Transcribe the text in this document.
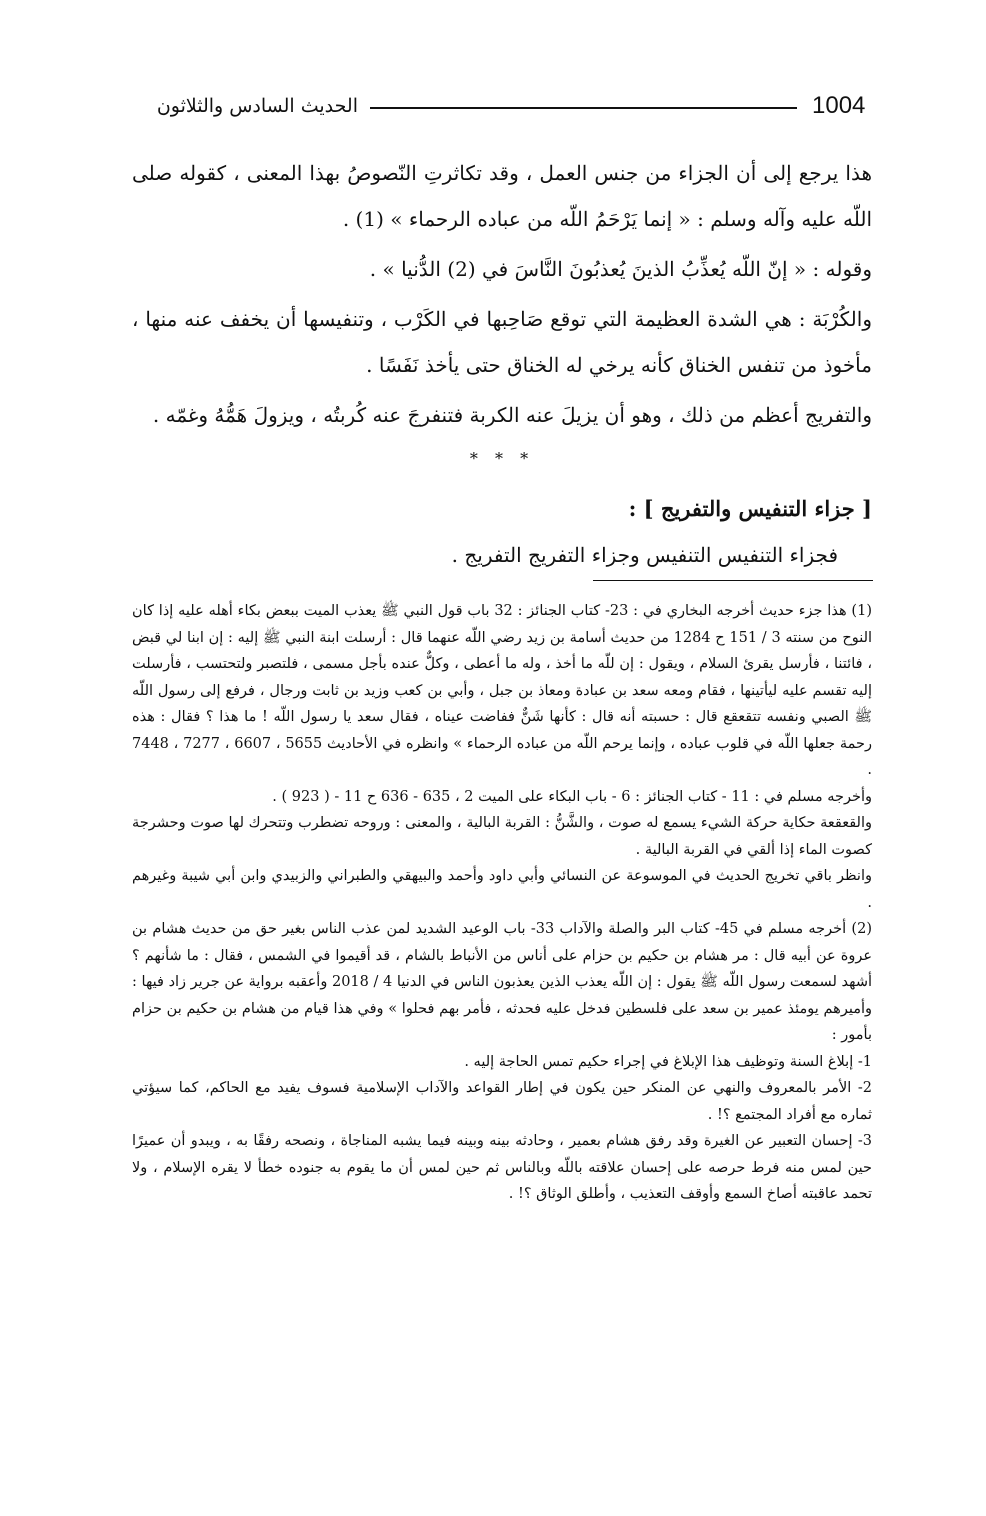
1004
الحديث السادس والثلاثون

هذا يرجع إلى أن الجزاء من جنس العمل ، وقد تكاثرتِ النّصوصُ بهذا المعنى ، كقوله صلى اللّه عليه وآله وسلم : « إنما يَرْحَمُ اللّه من عباده الرحماء » (1) .

وقوله : « إنّ اللّه يُعذِّبُ الذينَ يُعذبُونَ النَّاسَ في (2) الدُّنيا » .

والكُرْبَة : هي الشدة العظيمة التي توقع صَاحِبها في الكَرْب ، وتنفيسها أن يخفف عنه منها ، مأخوذ من تنفس الخناق كأنه يرخي له الخناق حتى يأخذ نَفَسًا .

والتفريج أعظم من ذلك ، وهو أن يزيلَ عنه الكربة فتنفرجَ عنه كُربتُه ، ويزولَ هَمُّهُ وغمّه .

* * *
[ جزاء التنفيس والتفريج ] :
فجزاء التنفيس التنفيس وجزاء التفريج التفريج .

(1) هذا جزء حديث أخرجه البخاري في : 23- كتاب الجنائز : 32 باب قول النبي ﷺ يعذب الميت ببعض بكاء أهله عليه إذا كان النوح من سنته 3 / 151 ح 1284 من حديث أسامة بن زيد رضي اللّه عنهما قال : أرسلت ابنة النبي ﷺ إليه : إن ابنا لي قبض ، فائتنا ، فأرسل يقرئ السلام ، ويقول : إن للّه ما أخذ ، وله ما أعطى ، وكلٌّ عنده بأجل مسمى ، فلتصبر ولتحتسب ، فأرسلت إليه تقسم عليه ليأتينها ، فقام ومعه سعد بن عبادة ومعاذ بن جبل ، وأبي بن كعب وزيد بن ثابت ورجال ، فرفع إلى رسول اللّه ﷺ الصبي ونفسه تتقعقع قال : حسبته أنه قال : كأنها شَنٌّ ففاضت عيناه ، فقال سعد يا رسول اللّه ! ما هذا ؟ فقال : هذه رحمة جعلها اللّه في قلوب عباده ، وإنما يرحم اللّه من عباده الرحماء » وانظره في الأحاديث 5655 ، 6607 ، 7277 ، 7448 .

وأخرجه مسلم في : 11 - كتاب الجنائز : 6 - باب البكاء على الميت 2 ، 635 - 636 ح 11 - ( 923 ) .

والقعقعة حكاية حركة الشيء يسمع له صوت ، والشَّنُّ : القربة البالية ، والمعنى : وروحه تضطرب وتتحرك لها صوت وحشرجة كصوت الماء إذا ألقي في القربة البالية .

وانظر باقي تخريج الحديث في الموسوعة عن النسائي وأبي داود وأحمد والبيهقي والطبراني والزبيدي وابن أبي شيبة وغيرهم .

(2) أخرجه مسلم في 45- كتاب البر والصلة والآداب 33- باب الوعيد الشديد لمن عذب الناس بغير حق من حديث هشام بن عروة عن أبيه قال : مر هشام بن حكيم بن حزام على أناس من الأنباط بالشام ، قد أقيموا في الشمس ، فقال : ما شأنهم ؟ أشهد لسمعت رسول اللّه ﷺ يقول : إن اللّه يعذب الذين يعذبون الناس في الدنيا 4 / 2018 وأعقبه برواية عن جرير زاد فيها : وأميرهم يومئذ عمير بن سعد على فلسطين فدخل عليه فحدثه ، فأمر بهم فحلوا » وفي هذا قيام من هشام بن حكيم بن حزام بأمور :

1- إبلاغ السنة وتوظيف هذا الإبلاغ في إجراء حكيم تمس الحاجة إليه .

2- الأمر بالمعروف والنهي عن المنكر حين يكون في إطار القواعد والآداب الإسلامية فسوف يفيد مع الحاكم، كما سيؤتي ثماره مع أفراد المجتمع ؟! .

3- إحسان التعبير عن الغيرة وقد رفق هشام بعمير ، وحادثه بينه وبينه فيما يشبه المناجاة ، ونصحه رفقًا به ، ويبدو أن عميرًا حين لمس منه فرط حرصه على إحسان علاقته باللّه وبالناس ثم حين لمس أن ما يقوم به جنوده خطأ لا يقره الإسلام ، ولا تحمد عاقبته أصاخ السمع وأوقف التعذيب ، وأطلق الوثاق ؟! .
